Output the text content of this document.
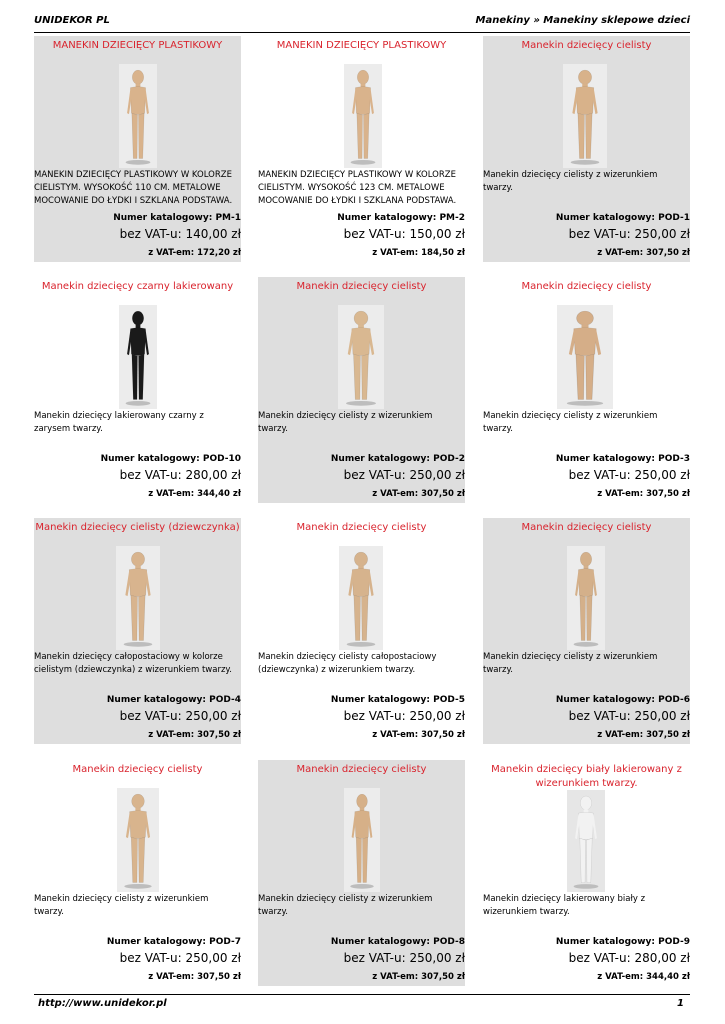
UNIDEKOR PL	Manekiny » Manekiny sklepowe dzieci
MANEKIN DZIECIĘCY PLASTIKOWY
MANEKIN DZIECIĘCY PLASTIKOWY W KOLORZE CIELISTYM. WYSOKOŚĆ 110 CM. METALOWE MOCOWANIE DO ŁYDKI I SZKLANA PODSTAWA.
Numer katalogowy: PM-1
bez VAT-u: 140,00 zł
z VAT-em: 172,20 zł
MANEKIN DZIECIĘCY PLASTIKOWY
MANEKIN DZIECIĘCY PLASTIKOWY W KOLORZE CIELISTYM. WYSOKOŚĆ 123 CM. METALOWE MOCOWANIE DO ŁYDKI I SZKLANA PODSTAWA.
Numer katalogowy: PM-2
bez VAT-u: 150,00 zł
z VAT-em: 184,50 zł
Manekin dziecięcy cielisty
Manekin dziecięcy cielisty z wizerunkiem twarzy.
Numer katalogowy: POD-1
bez VAT-u: 250,00 zł
z VAT-em: 307,50 zł
Manekin dziecięcy czarny lakierowany
Manekin dziecięcy lakierowany czarny z zarysem twarzy.
Numer katalogowy: POD-10
bez VAT-u: 280,00 zł
z VAT-em: 344,40 zł
Manekin dziecięcy cielisty
Manekin dziecięcy cielisty z wizerunkiem twarzy.
Numer katalogowy: POD-2
bez VAT-u: 250,00 zł
z VAT-em: 307,50 zł
Manekin dziecięcy cielisty
Manekin dziecięcy cielisty z wizerunkiem twarzy.
Numer katalogowy: POD-3
bez VAT-u: 250,00 zł
z VAT-em: 307,50 zł
Manekin dziecięcy cielisty (dziewczynka)
Manekin dziecięcy całopostaciowy w kolorze cielistym (dziewczynka) z wizerunkiem twarzy.
Numer katalogowy: POD-4
bez VAT-u: 250,00 zł
z VAT-em: 307,50 zł
Manekin dziecięcy cielisty
Manekin dziecięcy cielisty całopostaciowy (dziewczynka) z wizerunkiem twarzy.
Numer katalogowy: POD-5
bez VAT-u: 250,00 zł
z VAT-em: 307,50 zł
Manekin dziecięcy cielisty
Manekin dziecięcy cielisty z wizerunkiem twarzy.
Numer katalogowy: POD-6
bez VAT-u: 250,00 zł
z VAT-em: 307,50 zł
Manekin dziecięcy cielisty
Manekin dziecięcy cielisty z wizerunkiem twarzy.
Numer katalogowy: POD-7
bez VAT-u: 250,00 zł
z VAT-em: 307,50 zł
Manekin dziecięcy cielisty
Manekin dziecięcy cielisty z wizerunkiem twarzy.
Numer katalogowy: POD-8
bez VAT-u: 250,00 zł
z VAT-em: 307,50 zł
Manekin dziecięcy biały lakierowany z wizerunkiem twarzy.
Manekin dziecięcy lakierowany biały z wizerunkiem twarzy.
Numer katalogowy: POD-9
bez VAT-u: 280,00 zł
z VAT-em: 344,40 zł
http://www.unidekor.pl	1
